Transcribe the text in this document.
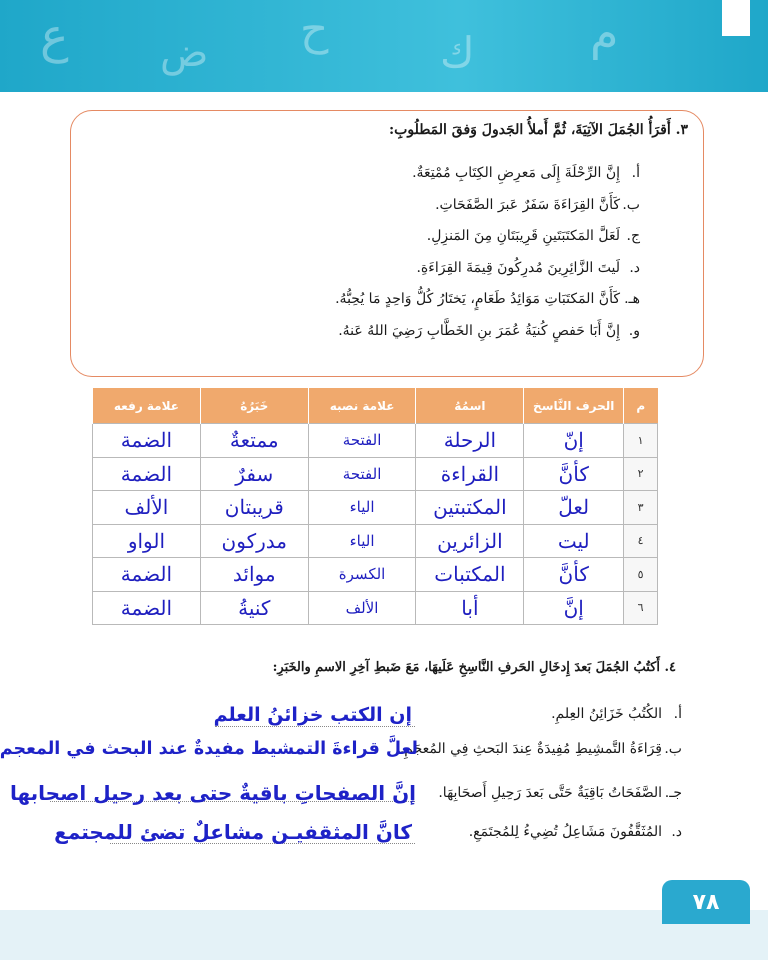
ع ض ح	ك	م
٣. أَقرَأُ الجُمَلَ الآتِيَةَ، ثُمَّ أَملأُ الجَدولَ وَفقَ المَطلُوبِ:
أ.إِنَّ الرِّحْلَةَ إِلَى مَعرِضِ الكِتَابِ مُمْتِعَةٌ.
ب.كَأَنَّ القِرَاءَةَ سَفَرٌ عَبرَ الصَّفَحَاتِ.
ج.لَعَلَّ المَكتَبَتَينِ قَرِيبَتَانِ مِنَ المَنزِلِ.
د.لَيتَ الزَّائِرِينَ مُدرِكُونَ قِيمَةَ القِرَاءَةِ.
هـ.كَأَنَّ المَكتَبَاتِ مَوَائِدُ طَعَامٍ، يَختَارُ كُلُّ وَاحِدٍ مَا يُحِبُّهُ.
و.إِنَّ أَبَا حَفصٍ كُنيَةُ عُمَرَ بنِ الخَطَّابِ رَضِيَ اللهُ عَنهُ.
م	الحرف النَّاسخ	اسمُهُ	علامة نصبه	خَبَرُهُ	علامة رفعه
١	إنّ	الرحلة	الفتحة	ممتعةٌ	الضمة
٢	كأنَّ	القراءة	الفتحة	سفرٌ	الضمة
٣	لعلّ	المكتبتين	الياء	قريبتان	الألف
٤	ليت	الزائرين	الياء	مدركون	الواو
٥	كأنَّ	المكتبات	الكسرة	موائد	الضمة
٦	إنَّ	أبا	الألف	كنيةُ	الضمة
٤. أَكتُبُ الجُمَلَ بَعدَ إِدخَالِ الحَرفِ النَّاسِخِ عَلَيهَا، مَعَ ضَبطِ آخِرِ الاسمِ والخَبَرِ:
أ.الكُتُبُ خَزَائِنُ العِلمِ.
ب.قِرَاءَةُ التَّمشِيطِ مُفِيدَةٌ عِندَ البَحثِ فِي المُعجَمِ.
جـ.الصَّفَحَاتُ بَاقِيَةٌ حَتَّى بَعدَ رَحِيلِ أَصحَابِهَا.
د.المُثَقَّفُونَ مَشَاعِلُ تُضِيءُ لِلمُجتَمَعِ.
إن الكتب خزائنُ العلم
لعلَّ قراءةَ التمشيط مفيدةٌ عند البحث في المعجم
إنَّ الصفحاتِ باقيةٌ حتى بعد رحيل اصحابها
كانَّ المثقفيـن مشاعلٌ تضئ للمجتمع
٧٨
